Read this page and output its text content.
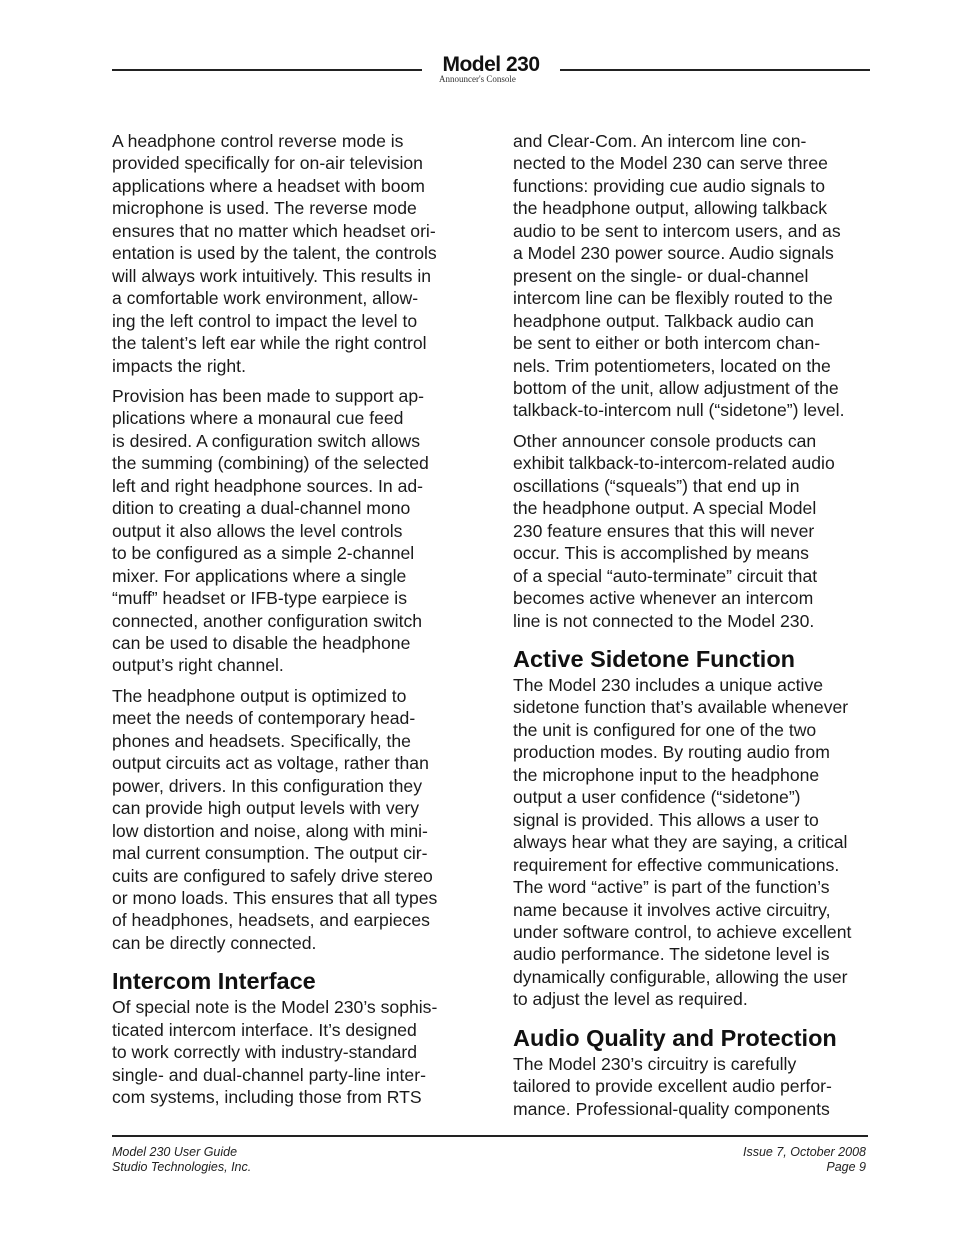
Model 230
Announcer's Console
A headphone control reverse mode is
provided specifically for on-air television
applications where a headset with boom
microphone is used. The reverse mode
ensures that no matter which headset ori-
entation is used by the talent, the controls
will always work intuitively. This results in
a comfortable work environment, allow-
ing the left control to impact the level to
the talent’s left ear while the right control
impacts the right.
Provision has been made to support ap-
plications where a monaural cue feed
is desired. A configuration switch allows
the summing (combining) of the selected
left and right headphone sources. In ad-
dition to creating a dual-channel mono
output it also allows the level controls
to be configured as a simple 2-channel
mixer. For applications where a single
“muff” headset or IFB-type earpiece is
connected, another configuration switch
can be used to disable the headphone
output’s right channel.
The headphone output is optimized to
meet the needs of contemporary head-
phones and headsets. Specifically, the
output circuits act as voltage, rather than
power, drivers. In this configuration they
can provide high output levels with very
low distortion and noise, along with mini-
mal current consumption. The output cir-
cuits are configured to safely drive stereo
or mono loads. This ensures that all types
of headphones, headsets, and earpieces
can be directly connected.
Intercom Interface
Of special note is the Model 230’s sophis-
ticated intercom interface. It’s designed
to work correctly with industry-standard
single- and dual-channel party-line inter-
com systems, including those from RTS
and Clear-Com. An intercom line con-
nected to the Model 230 can serve three
functions: providing cue audio signals to
the headphone output, allowing talkback
audio to be sent to intercom users, and as
a Model 230 power source. Audio signals
present on the single- or dual-channel
intercom line can be flexibly routed to the
headphone output. Talkback audio can
be sent to either or both intercom chan-
nels. Trim potentiometers, located on the
bottom of the unit, allow adjustment of the
talkback-to-intercom null (“sidetone”) level.
Other announcer console products can
exhibit talkback-to-intercom-related audio
oscillations (“squeals”) that end up in
the headphone output. A special Model
230 feature ensures that this will never
occur. This is accomplished by means
of a special “auto-terminate” circuit that
becomes active whenever an intercom
line is not connected to the Model 230.
Active Sidetone Function
The Model 230 includes a unique active
sidetone function that’s available whenever
the unit is configured for one of the two
production modes. By routing audio from
the microphone input to the headphone
output a user confidence (“sidetone”)
signal is provided. This allows a user to
always hear what they are saying, a critical
requirement for effective communications.
The word “active” is part of the function’s
name because it involves active circuitry,
under software control, to achieve excellent
audio performance. The sidetone level is
dynamically configurable, allowing the user
to adjust the level as required.
Audio Quality and Protection
The Model 230’s circuitry is carefully
tailored to provide excellent audio perfor-
mance. Professional-quality components
Model 230 User Guide
Studio Technologies, Inc.
Issue 7, October 2008
Page 9
